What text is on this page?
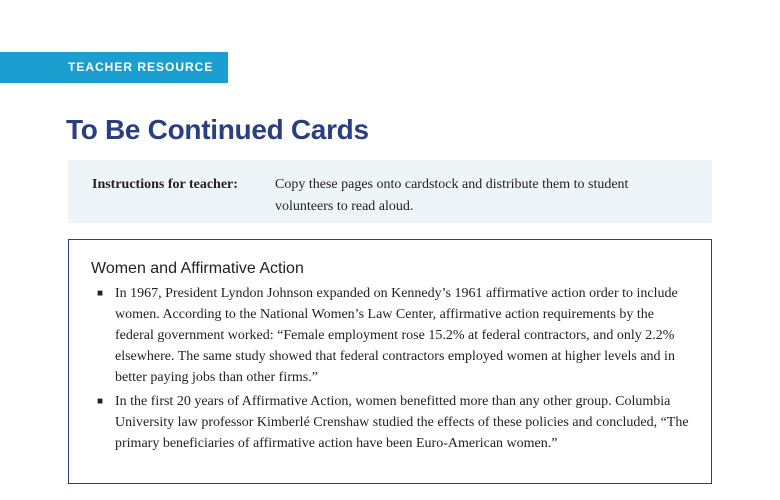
TEACHER RESOURCE
To Be Continued Cards
Instructions for teacher:	Copy these pages onto cardstock and distribute them to student volunteers to read aloud.
Women and Affirmative Action
■ In 1967, President Lyndon Johnson expanded on Kennedy’s 1961 affirmative action order to include women. According to the National Women’s Law Center, affirmative action requirements by the federal government worked: “Female employment rose 15.2% at federal contractors, and only 2.2% elsewhere. The same study showed that federal contractors employed women at higher levels and in better paying jobs than other firms.”
■ In the first 20 years of Affirmative Action, women benefitted more than any other group. Columbia University law professor Kimberlé Crenshaw studied the effects of these policies and concluded, “The primary beneficiaries of affirmative action have been Euro-American women.”
